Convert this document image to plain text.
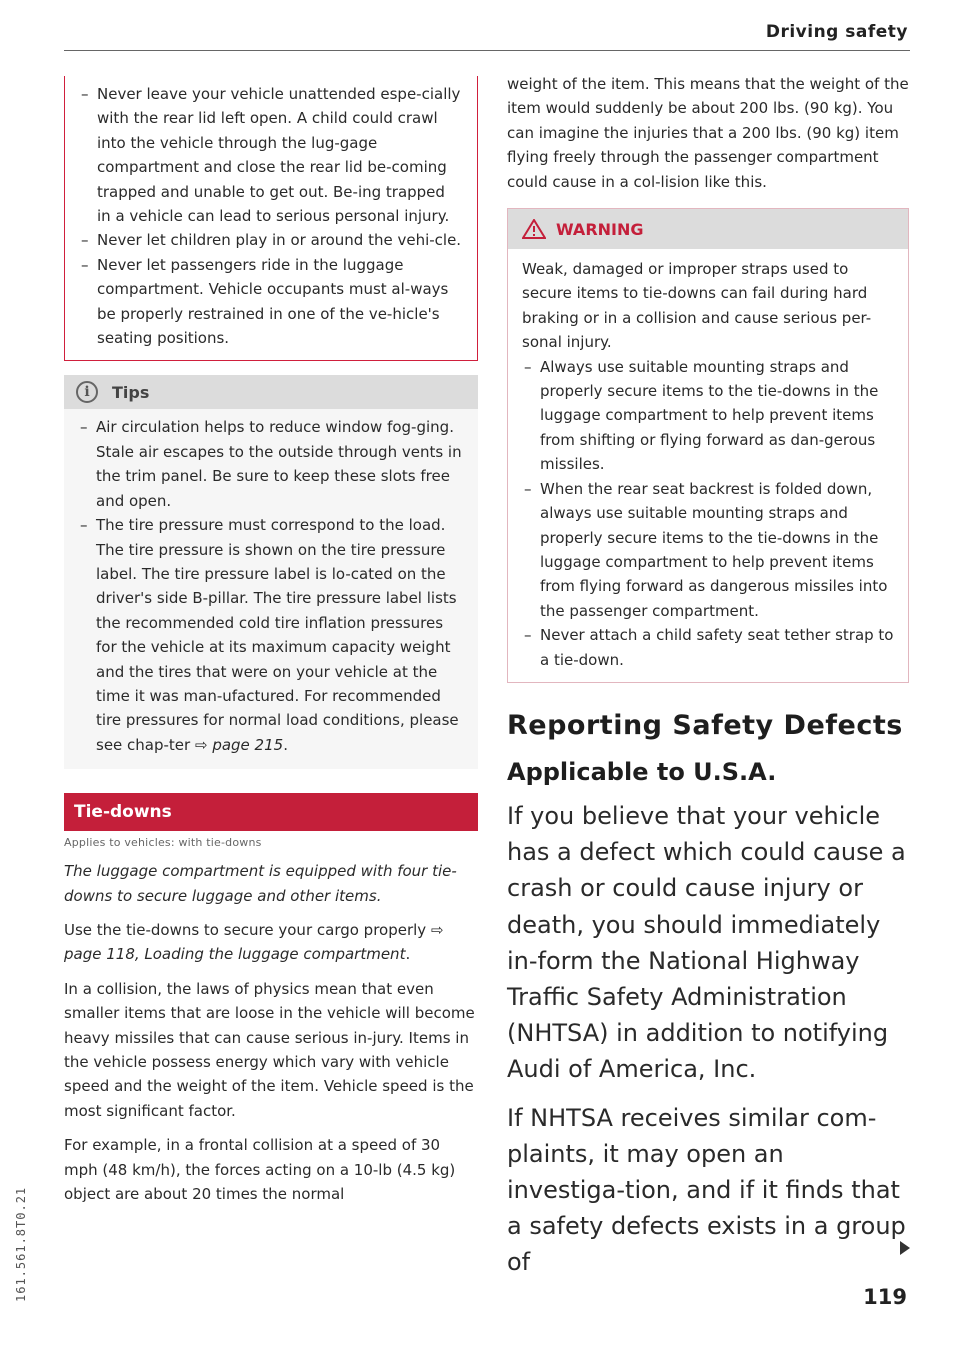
Driving safety
– Never leave your vehicle unattended espe-cially with the rear lid left open. A child could crawl into the vehicle through the lug-gage compartment and close the rear lid be-coming trapped and unable to get out. Be-ing trapped in a vehicle can lead to serious personal injury.
– Never let children play in or around the vehi-cle.
– Never let passengers ride in the luggage compartment. Vehicle occupants must al-ways be properly restrained in one of the ve-hicle's seating positions.
i	Tips
– Air circulation helps to reduce window fog-ging. Stale air escapes to the outside through vents in the trim panel. Be sure to keep these slots free and open.
– The tire pressure must correspond to the load. The tire pressure is shown on the tire pressure label. The tire pressure label is lo-cated on the driver's side B-pillar. The tire pressure label lists the recommended cold tire inflation pressures for the vehicle at its maximum capacity weight and the tires that were on your vehicle at the time it was man-ufactured. For recommended tire pressures for normal load conditions, please see chap-ter ⇨ page 215.
Tie-downs
Applies to vehicles: with tie-downs
The luggage compartment is equipped with four tie-downs to secure luggage and other items.
Use the tie-downs to secure your cargo properly ⇨ page 118, Loading the luggage compartment.
In a collision, the laws of physics mean that even smaller items that are loose in the vehicle will become heavy missiles that can cause serious in-jury. Items in the vehicle possess energy which vary with vehicle speed and the weight of the item. Vehicle speed is the most significant factor.
For example, in a frontal collision at a speed of 30 mph (48 km/h), the forces acting on a 10-lb (4.5 kg) object are about 20 times the normal
weight of the item. This means that the weight of the item would suddenly be about 200 lbs. (90 kg). You can imagine the injuries that a 200 lbs. (90 kg) item flying freely through the passenger compartment could cause in a col-lision like this.
WARNING
Weak, damaged or improper straps used to secure items to tie-downs can fail during hard braking or in a collision and cause serious per-sonal injury.
– Always use suitable mounting straps and properly secure items to the tie-downs in the luggage compartment to help prevent items from shifting or flying forward as dan-gerous missiles.
– When the rear seat backrest is folded down, always use suitable mounting straps and properly secure items to the tie-downs in the luggage compartment to help prevent items from flying forward as dangerous missiles into the passenger compartment.
– Never attach a child safety seat tether strap to a tie-down.
Reporting Safety Defects
Applicable to U.S.A.
If you believe that your vehicle has a defect which could cause a crash or could cause injury or death, you should immediately in-form the National Highway Traffic Safety Administration (NHTSA) in addition to notifying Audi of America, Inc.
If NHTSA receives similar com-plaints, it may open an investiga-tion, and if it finds that a safety defects exists in a group of
119
161.561.8T0.21
